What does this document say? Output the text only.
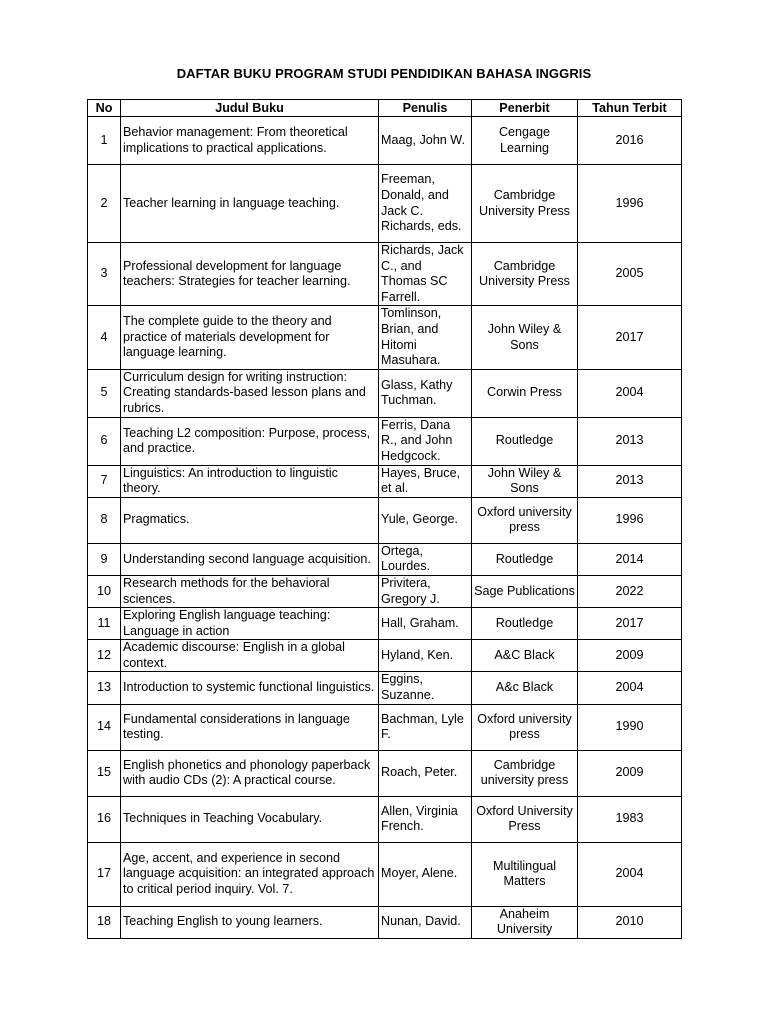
DAFTAR BUKU PROGRAM STUDI PENDIDIKAN BAHASA INGGRIS
No	Judul Buku	Penulis	Penerbit	Tahun Terbit
1	Behavior management: From theoretical implications to practical applications.	Maag, John W.	Cengage Learning	2016
2	Teacher learning in language teaching.	Freeman, Donald, and Jack C. Richards, eds.	Cambridge University Press	1996
3	Professional development for language teachers: Strategies for teacher learning.	Richards, Jack C., and Thomas SC Farrell.	Cambridge University Press	2005
4	The complete guide to the theory and practice of materials development for language learning.	Tomlinson, Brian, and Hitomi Masuhara.	John Wiley & Sons	2017
5	Curriculum design for writing instruction: Creating standards-based lesson plans and rubrics.	Glass, Kathy Tuchman.	Corwin Press	2004
6	Teaching L2 composition: Purpose, process, and practice.	Ferris, Dana R., and John Hedgcock.	Routledge	2013
7	Linguistics: An introduction to linguistic theory.	Hayes, Bruce, et al.	John Wiley & Sons	2013
8	Pragmatics.	Yule, George.	Oxford university press	1996
9	Understanding second language acquisition.	Ortega, Lourdes.	Routledge	2014
10	Research methods for the behavioral sciences.	Privitera, Gregory J.	Sage Publications	2022
11	Exploring English language teaching: Language in action	Hall, Graham.	Routledge	2017
12	Academic discourse: English in a global context.	Hyland, Ken.	A&C Black	2009
13	Introduction to systemic functional linguistics.	Eggins, Suzanne.	A&c Black	2004
14	Fundamental considerations in language testing.	Bachman, Lyle F.	Oxford university press	1990
15	English phonetics and phonology paperback with audio CDs (2): A practical course.	Roach, Peter.	Cambridge university press	2009
16	Techniques in Teaching Vocabulary.	Allen, Virginia French.	Oxford University Press	1983
17	Age, accent, and experience in second language acquisition: an integrated approach to critical period inquiry. Vol. 7.	Moyer, Alene.	Multilingual Matters	2004
18	Teaching English to young learners.	Nunan, David.	Anaheim University	2010
